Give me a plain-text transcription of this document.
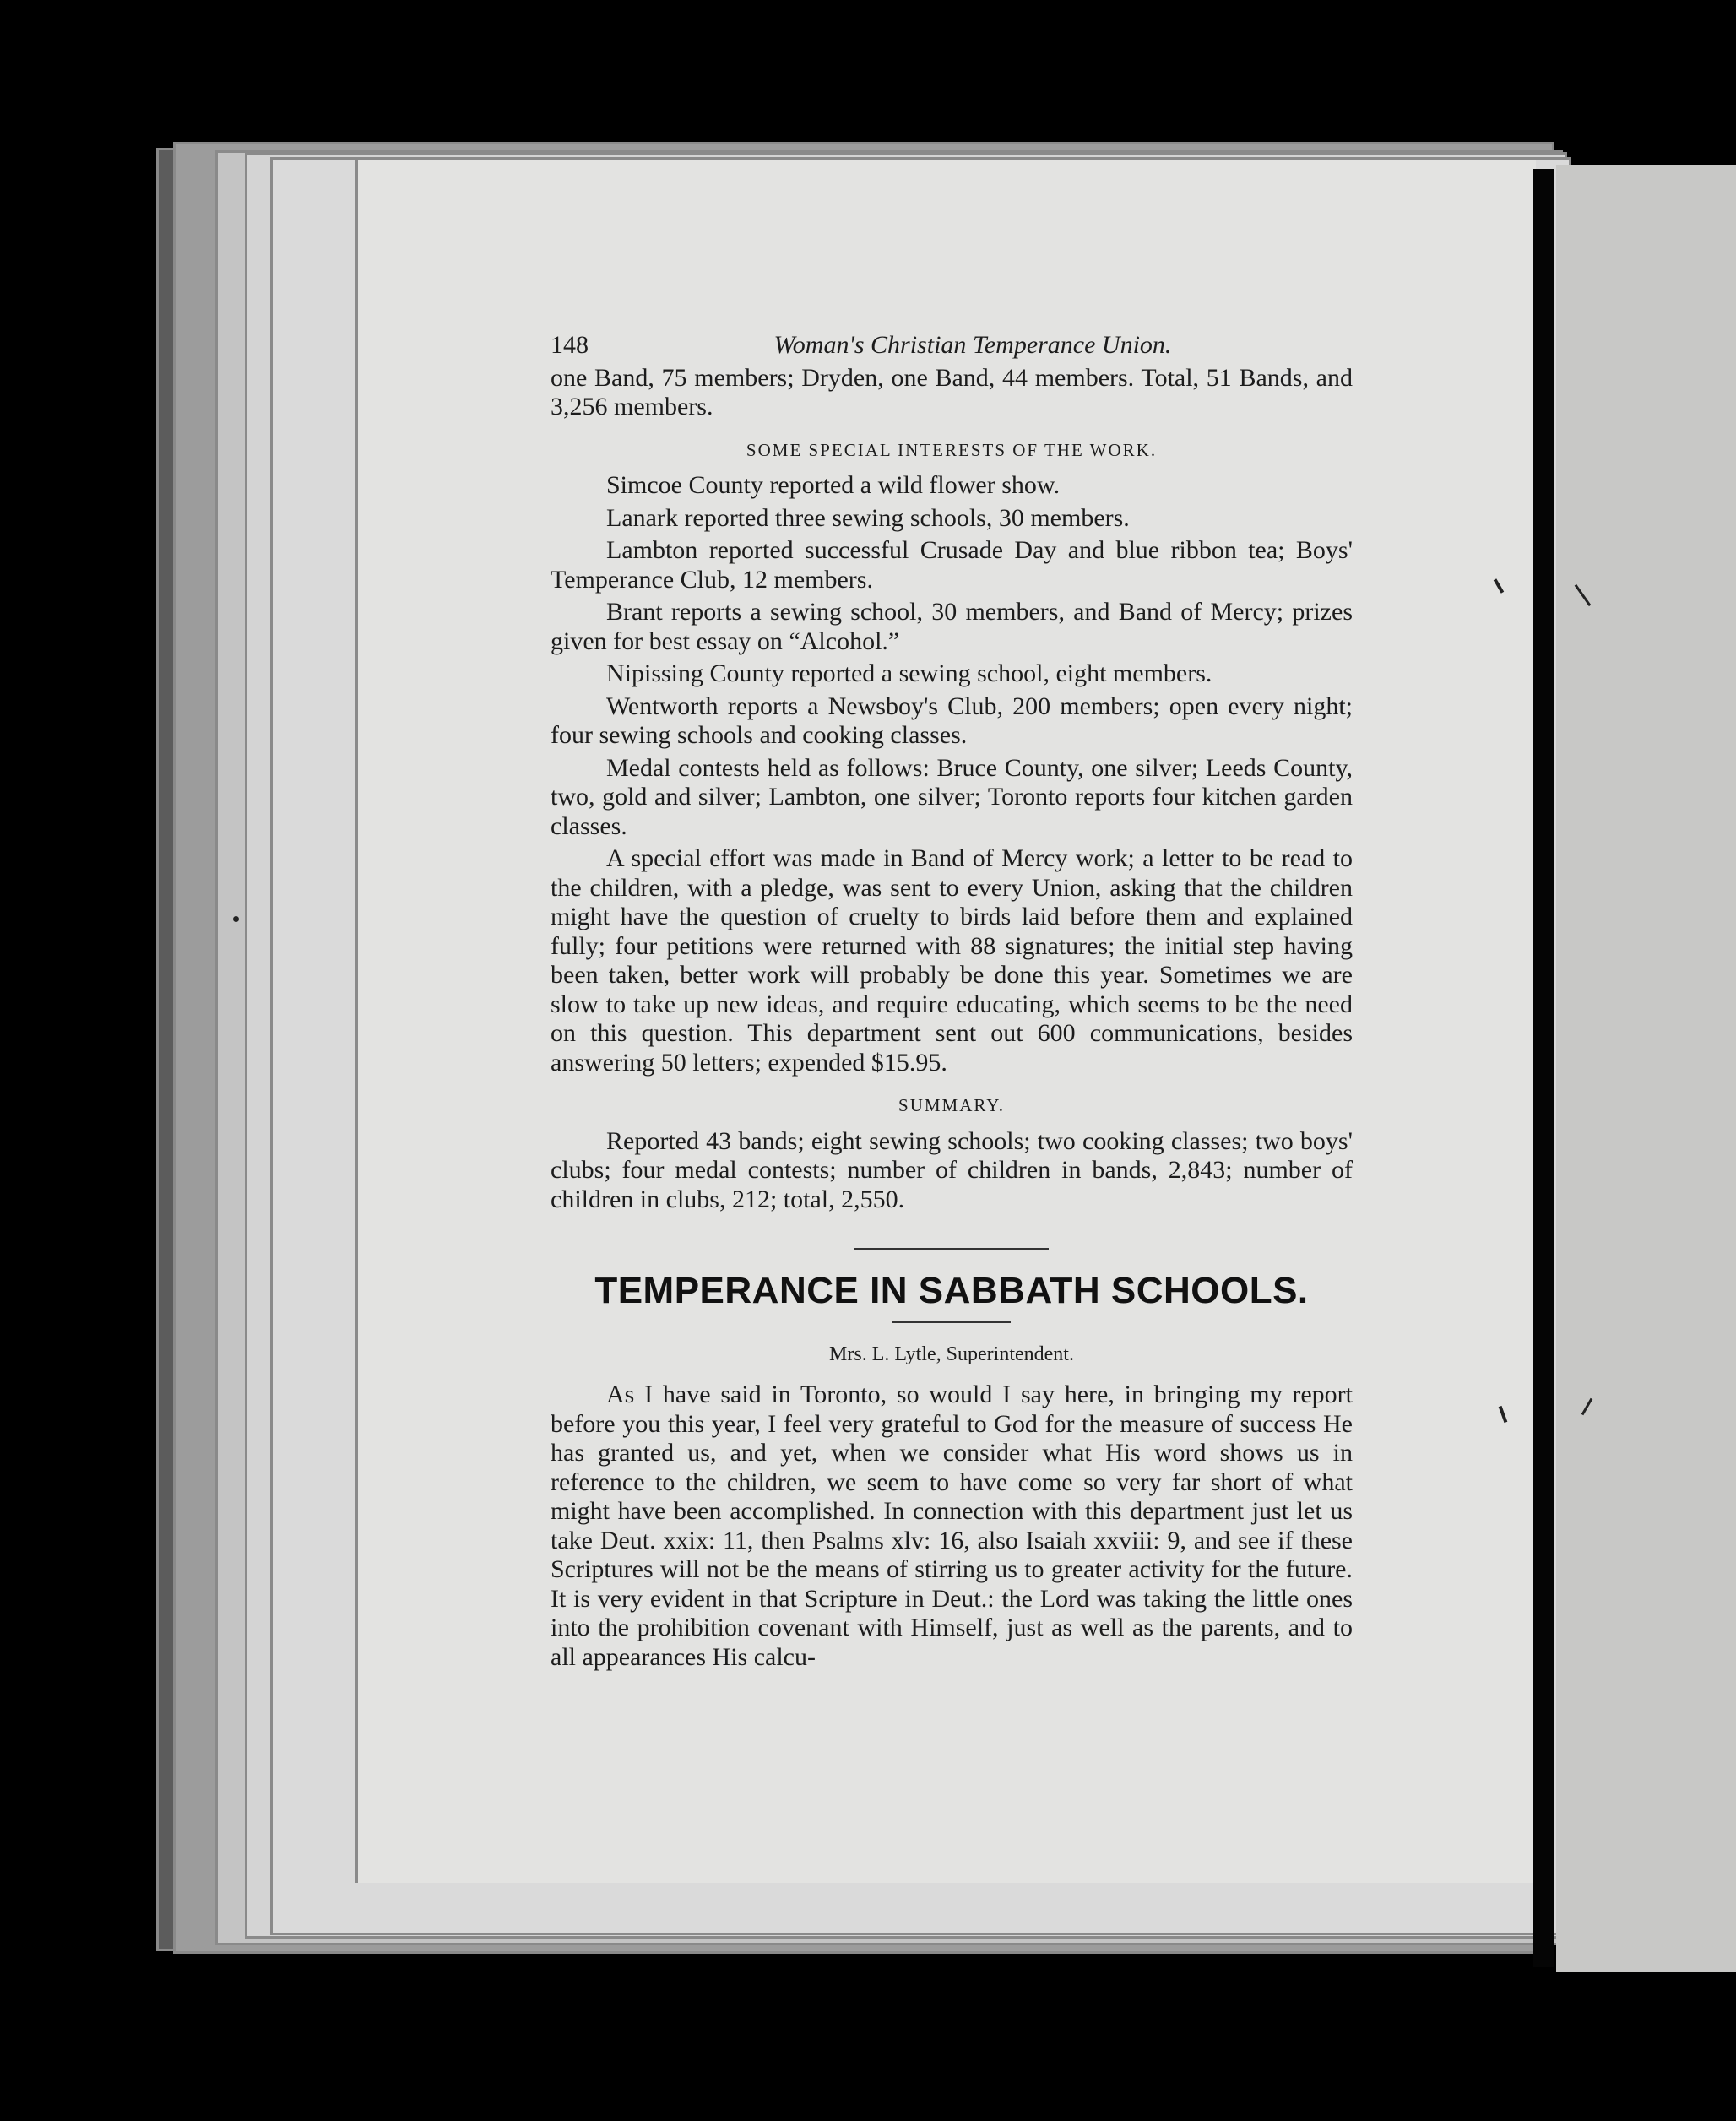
148	Woman's Christian Temperance Union.

one Band, 75 members; Dryden, one Band, 44 members. Total, 51 Bands, and 3,256 members.

SOME SPECIAL INTERESTS OF THE WORK.

Simcoe County reported a wild flower show.

Lanark reported three sewing schools, 30 members.

Lambton reported successful Crusade Day and blue ribbon tea; Boys' Temperance Club, 12 members.

Brant reports a sewing school, 30 members, and Band of Mercy; prizes given for best essay on “Alcohol.”

Nipissing County reported a sewing school, eight members.

Wentworth reports a Newsboy's Club, 200 members; open every night; four sewing schools and cooking classes.

Medal contests held as follows: Bruce County, one silver; Leeds County, two, gold and silver; Lambton, one silver; Toronto reports four kitchen garden classes.

A special effort was made in Band of Mercy work; a letter to be read to the children, with a pledge, was sent to every Union, asking that the children might have the question of cruelty to birds laid before them and explained fully; four petitions were returned with 88 signatures; the initial step having been taken, better work will probably be done this year. Sometimes we are slow to take up new ideas, and require educating, which seems to be the need on this question. This department sent out 600 communications, besides answering 50 letters; expended $15.95.

SUMMARY.

Reported 43 bands; eight sewing schools; two cooking classes; two boys' clubs; four medal contests; number of children in bands, 2,843; number of children in clubs, 212; total, 2,550.

TEMPERANCE IN SABBATH SCHOOLS.
Mrs. L. Lytle, Superintendent.

As I have said in Toronto, so would I say here, in bringing my report before you this year, I feel very grateful to God for the measure of success He has granted us, and yet, when we consider what His word shows us in reference to the children, we seem to have come so very far short of what might have been accomplished. In connection with this department just let us take Deut. xxix: 11, then Psalms xlv: 16, also Isaiah xxviii: 9, and see if these Scriptures will not be the means of stirring us to greater activity for the future. It is very evident in that Scripture in Deut.: the Lord was taking the little ones into the prohibition covenant with Himself, just as well as the parents, and to all appearances His calcu-
